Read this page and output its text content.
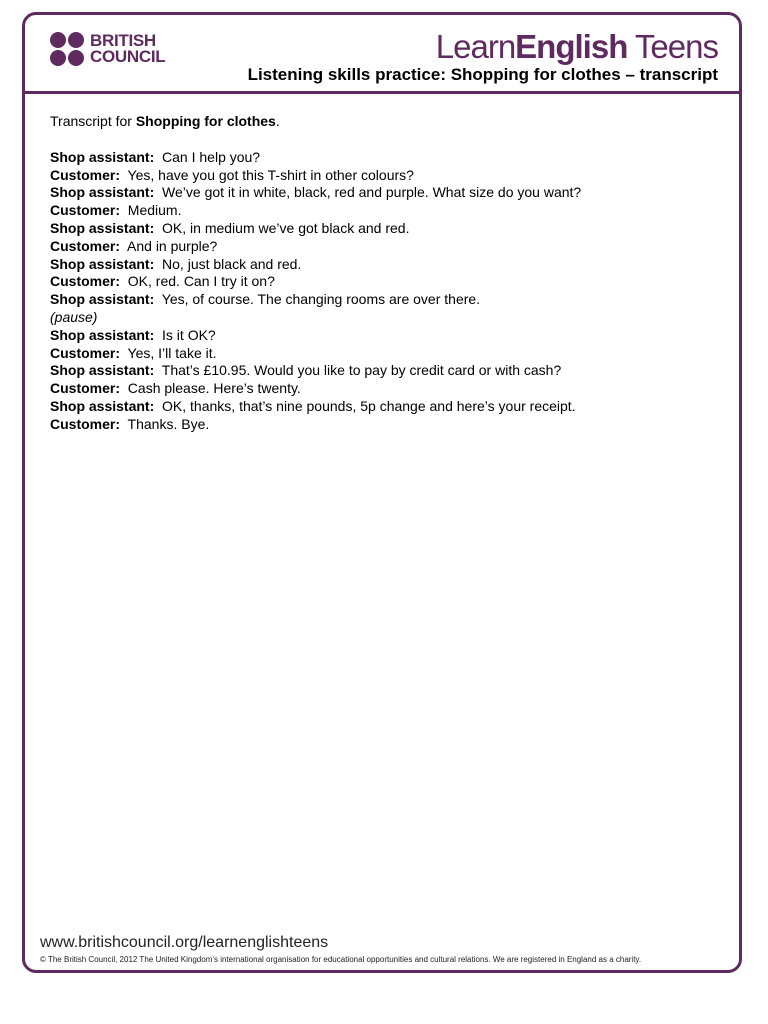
BRITISH
COUNCIL	LearnEnglish Teens
Listening skills practice: Shopping for clothes – transcript

Transcript for Shopping for clothes.

Shop assistant:  Can I help you?

Customer:  Yes, have you got this T-shirt in other colours?

Shop assistant:  We’ve got it in white, black, red and purple. What size do you want?

Customer:  Medium.

Shop assistant:  OK, in medium we’ve got black and red.

Customer:  And in purple?

Shop assistant:  No, just black and red.

Customer:  OK, red. Can I try it on?

Shop assistant:  Yes, of course. The changing rooms are over there.

(pause)

Shop assistant:  Is it OK?

Customer:  Yes, I’ll take it.

Shop assistant:  That’s £10.95. Would you like to pay by credit card or with cash?

Customer:  Cash please. Here’s twenty.

Shop assistant:  OK, thanks, that’s nine pounds, 5p change and here’s your receipt.

Customer:  Thanks. Bye.

www.britishcouncil.org/learnenglishteens
© The British Council, 2012 The United Kingdom’s international organisation for educational opportunities and cultural relations. We are registered in England as a charity.
